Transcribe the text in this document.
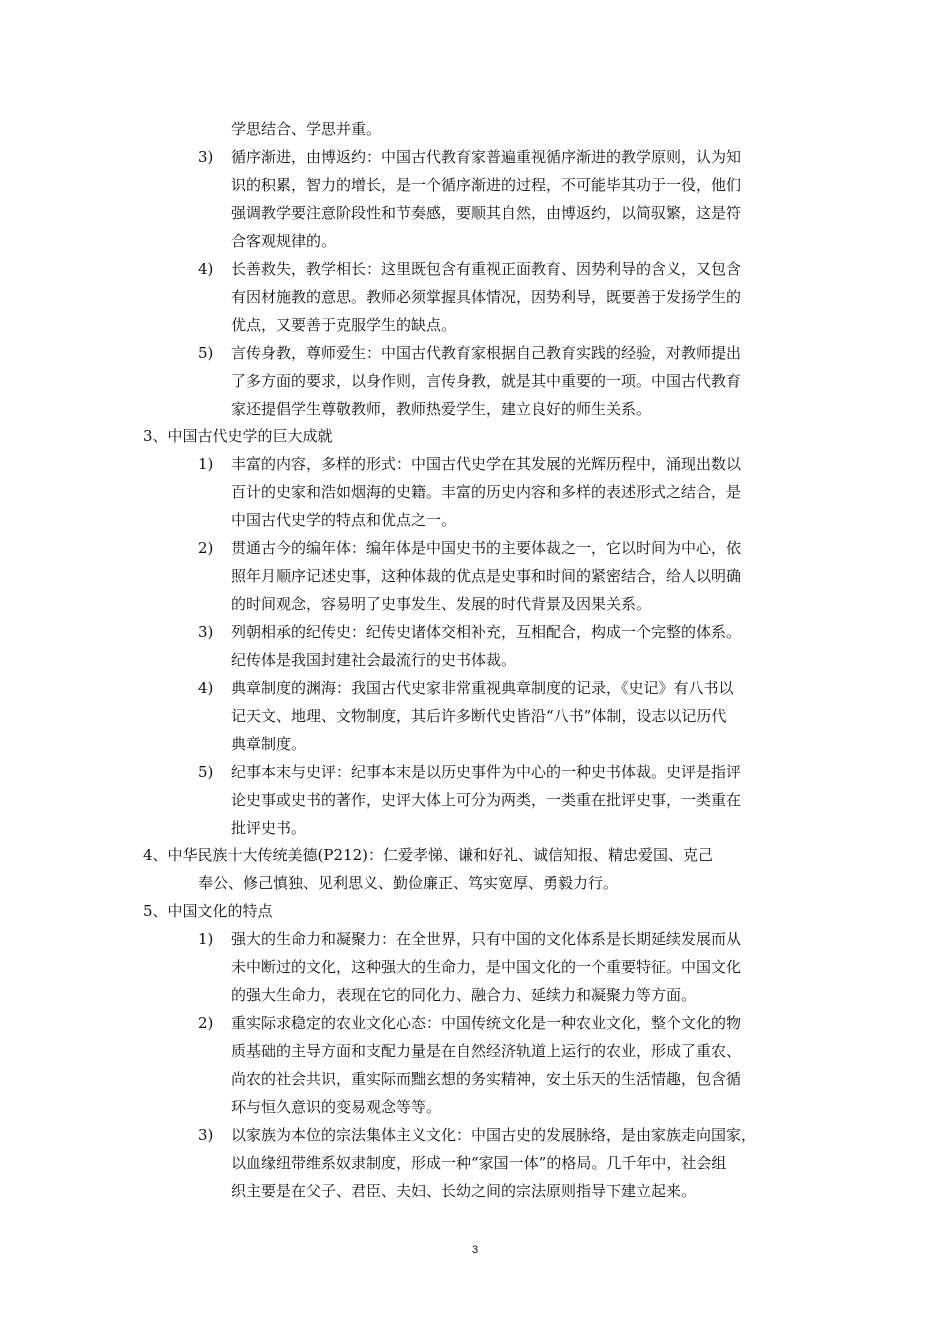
3)
4)
5)
1)
2)
3)
4)
5)
1)
2)
3)
学思结合、学思并重。
循序渐进，由博返约：中国古代教育家普遍重视循序渐进的教学原则，认为知
识的积累，智力的增长，是一个循序渐进的过程，不可能毕其功于一役，他们
强调教学要注意阶段性和节奏感，要顺其自然，由博返约，以简驭繁，这是符
合客观规律的。
长善救失，教学相长：这里既包含有重视正面教育、因势利导的含义，又包含
有因材施教的意思。教师必须掌握具体情况，因势利导，既要善于发扬学生的
优点，又要善于克服学生的缺点。
言传身教，尊师爱生：中国古代教育家根据自己教育实践的经验，对教师提出
了多方面的要求，以身作则，言传身教，就是其中重要的一项。中国古代教育
家还提倡学生尊敬教师，教师热爱学生，建立良好的师生关系。
3、中国古代史学的巨大成就
丰富的内容，多样的形式：中国古代史学在其发展的光辉历程中，涌现出数以
百计的史家和浩如烟海的史籍。丰富的历史内容和多样的表述形式之结合，是
中国古代史学的特点和优点之一。
贯通古今的编年体：编年体是中国史书的主要体裁之一，它以时间为中心，依
照年月顺序记述史事，这种体裁的优点是史事和时间的紧密结合，给人以明确
的时间观念，容易明了史事发生、发展的时代背景及因果关系。
列朝相承的纪传史：纪传史诸体交相补充，互相配合，构成一个完整的体系。
纪传体是我国封建社会最流行的史书体裁。
典章制度的渊海：我国古代史家非常重视典章制度的记录，《史记》有八书以
记天文、地理、文物制度，其后许多断代史皆沿“八书”体制，设志以记历代
典章制度。
纪事本末与史评：纪事本末是以历史事件为中心的一种史书体裁。史评是指评
论史事或史书的著作，史评大体上可分为两类，一类重在批评史事，一类重在
批评史书。
4、中华民族十大传统美德(P212)：仁爱孝悌、谦和好礼、诚信知报、精忠爱国、克己
奉公、修己慎独、见利思义、勤俭廉正、笃实宽厚、勇毅力行。
5、中国文化的特点
强大的生命力和凝聚力：在全世界，只有中国的文化体系是长期延续发展而从
未中断过的文化，这种强大的生命力，是中国文化的一个重要特征。中国文化
的强大生命力，表现在它的同化力、融合力、延续力和凝聚力等方面。
重实际求稳定的农业文化心态：中国传统文化是一种农业文化，整个文化的物
质基础的主导方面和支配力量是在自然经济轨道上运行的农业，形成了重农、
尚农的社会共识，重实际而黜玄想的务实精神，安土乐天的生活情趣，包含循
环与恒久意识的变易观念等等。
以家族为本位的宗法集体主义文化：中国古史的发展脉络，是由家族走向国家，
以血缘纽带维系奴隶制度，形成一种“家国一体”的格局。几千年中，社会组
织主要是在父子、君臣、夫妇、长幼之间的宗法原则指导下建立起来。
3
